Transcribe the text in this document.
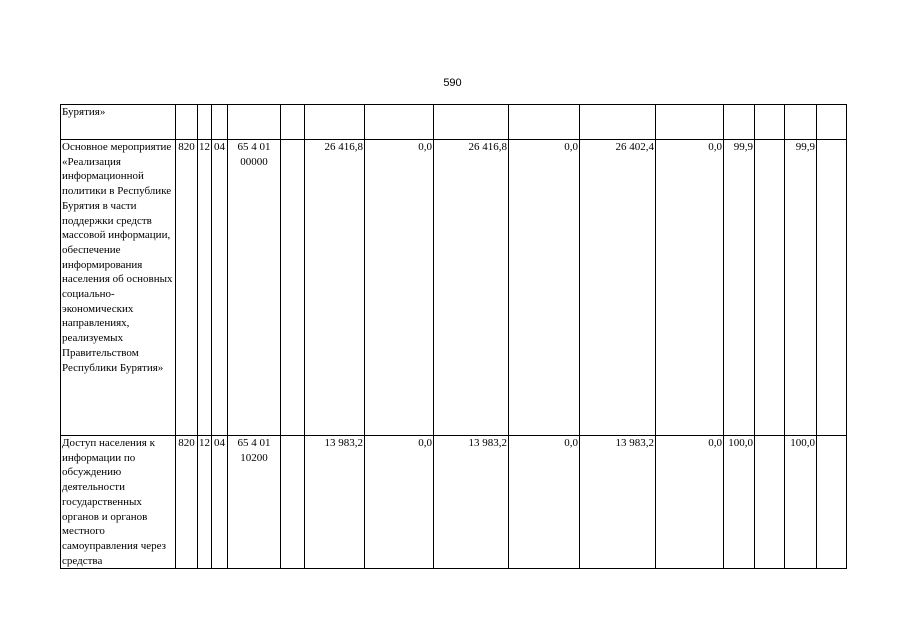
590
Бурятия»															
Основное мероприятие «Реализация информационной политики в Республике Бурятия в части поддержки средств массовой информации, обеспечение информирования населения об основных социально-экономических направлениях, реализуемых Правительством Республики Бурятия»	820	12	04	65 4 01 00000		26 416,8	0,0	26 416,8	0,0	26 402,4	0,0	99,9		99,9	
Доступ населения к информации по обсуждению деятельности государственных органов и органов местного самоуправления через средства	820	12	04	65 4 01 10200		13 983,2	0,0	13 983,2	0,0	13 983,2	0,0	100,0		100,0	
